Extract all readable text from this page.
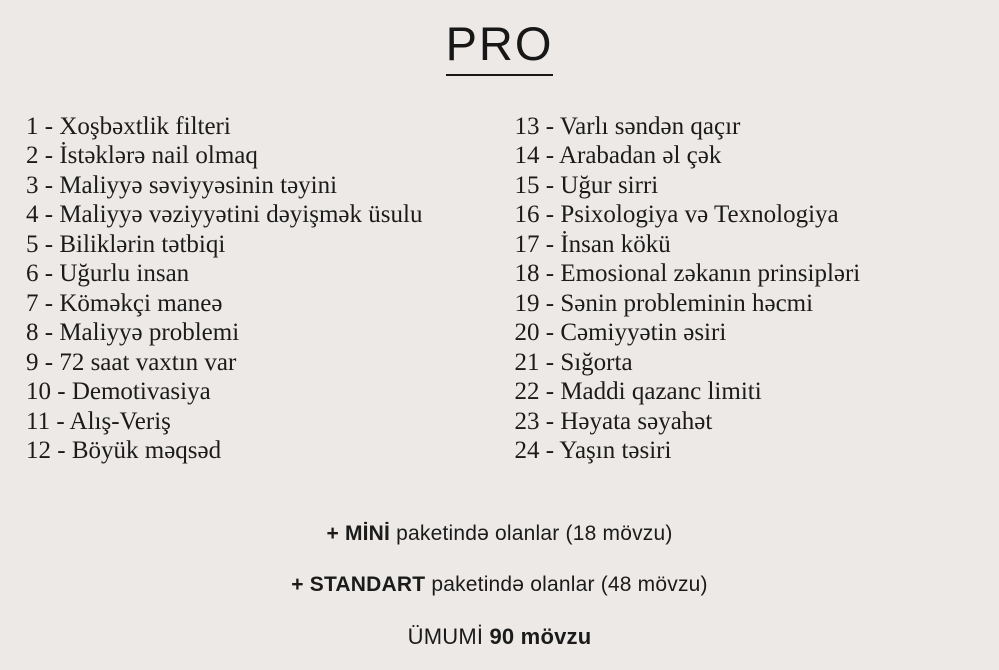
PRO
1 - Xoşbəxtlik filteri
2 - İstəklərə nail olmaq
3 - Maliyyə səviyyəsinin təyini
4 - Maliyyə vəziyyətini dəyişmək üsulu
5 - Biliklərin tətbiqi
6 - Uğurlu insan
7 - Köməkçi maneə
8 - Maliyyə problemi
9 - 72 saat vaxtın var
10 - Demotivasiya
11 - Alış-Veriş
12 - Böyük məqsəd
13 - Varlı səndən qaçır
14 - Arabadan əl çək
15 - Uğur sirri
16 - Psixologiya və Texnologiya
17 - İnsan kökü
18 - Emosional zəkanın prinsipləri
19 - Sənin probleminin həcmi
20 - Cəmiyyətin əsiri
21 - Sığorta
22 - Maddi qazanc limiti
23 - Həyata səyahət
24 - Yaşın təsiri
+ MİNİ paketində olanlar (18 mövzu)
+ STANDART paketində olanlar (48 mövzu)
ÜMUMİ 90 mövzu
